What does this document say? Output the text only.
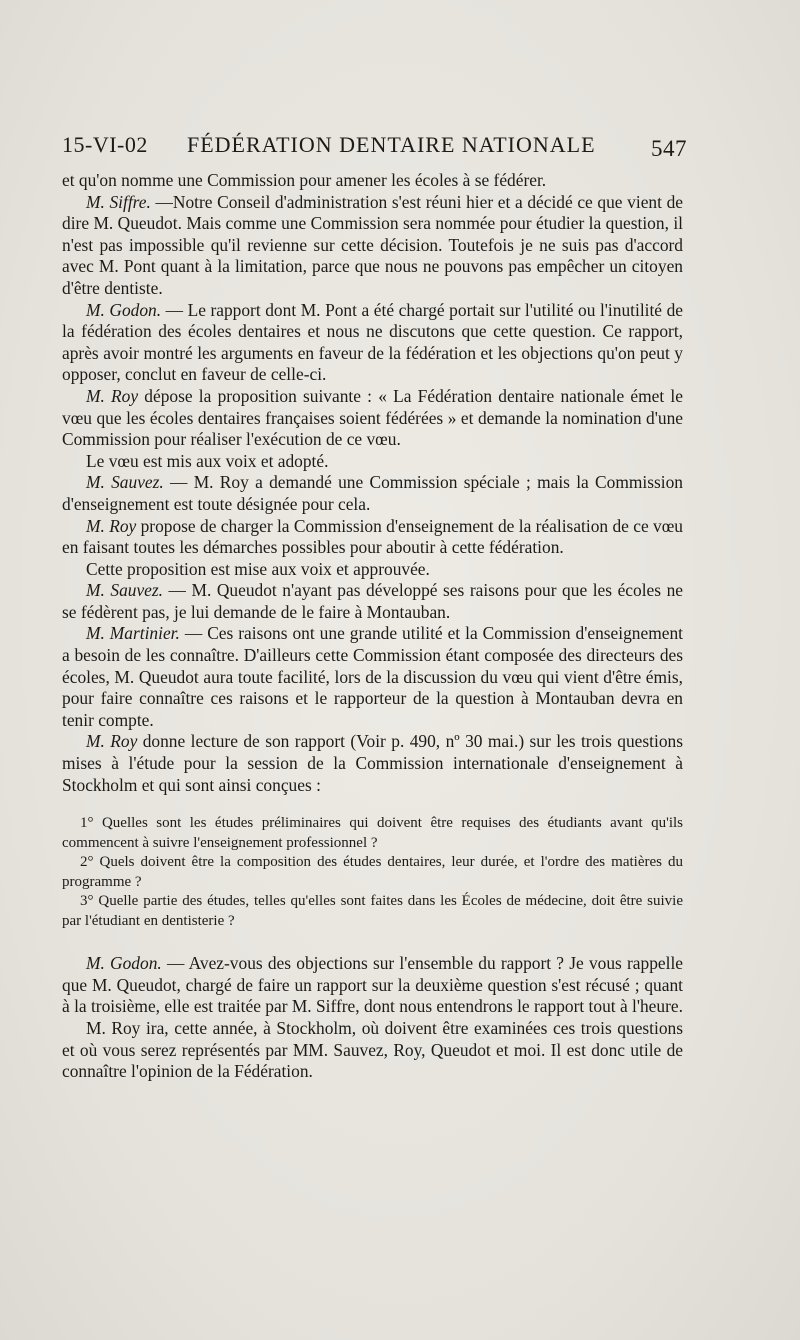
15-VI-02 FÉDÉRATION DENTAIRE NATIONALE 547

et qu'on nomme une Commission pour amener les écoles à se fédérer.

M. Siffre. —Notre Conseil d'administration s'est réuni hier et a décidé ce que vient de dire M. Queudot. Mais comme une Commission sera nommée pour étudier la question, il n'est pas impossible qu'il revienne sur cette décision. Toutefois je ne suis pas d'accord avec M. Pont quant à la limitation, parce que nous ne pouvons pas empêcher un citoyen d'être dentiste.

M. Godon. — Le rapport dont M. Pont a été chargé portait sur l'utilité ou l'inutilité de la fédération des écoles dentaires et nous ne discutons que cette question. Ce rapport, après avoir montré les arguments en faveur de la fédération et les objections qu'on peut y opposer, conclut en faveur de celle-ci.

M. Roy dépose la proposition suivante : « La Fédération dentaire nationale émet le vœu que les écoles dentaires françaises soient fédérées » et demande la nomination d'une Commission pour réaliser l'exécution de ce vœu.

Le vœu est mis aux voix et adopté.

M. Sauvez. — M. Roy a demandé une Commission spéciale ; mais la Commission d'enseignement est toute désignée pour cela.

M. Roy propose de charger la Commission d'enseignement de la réalisation de ce vœu en faisant toutes les démarches possibles pour aboutir à cette fédération.

Cette proposition est mise aux voix et approuvée.

M. Sauvez. — M. Queudot n'ayant pas développé ses raisons pour que les écoles ne se fédèrent pas, je lui demande de le faire à Montauban.

M. Martinier. — Ces raisons ont une grande utilité et la Commission d'enseignement a besoin de les connaître. D'ailleurs cette Commission étant composée des directeurs des écoles, M. Queudot aura toute facilité, lors de la discussion du vœu qui vient d'être émis, pour faire connaître ces raisons et le rapporteur de la question à Montauban devra en tenir compte.

M. Roy donne lecture de son rapport (Voir p. 490, nº 30 mai.) sur les trois questions mises à l'étude pour la session de la Commission internationale d'enseignement à Stockholm et qui sont ainsi conçues :

1° Quelles sont les études préliminaires qui doivent être requises des étudiants avant qu'ils commencent à suivre l'enseignement professionnel ?

2° Quels doivent être la composition des études dentaires, leur durée, et l'ordre des matières du programme ?

3° Quelle partie des études, telles qu'elles sont faites dans les Écoles de médecine, doit être suivie par l'étudiant en dentisterie ?

M. Godon. — Avez-vous des objections sur l'ensemble du rapport ? Je vous rappelle que M. Queudot, chargé de faire un rapport sur la deuxième question s'est récusé ; quant à la troisième, elle est traitée par M. Siffre, dont nous entendrons le rapport tout à l'heure.

M. Roy ira, cette année, à Stockholm, où doivent être examinées ces trois questions et où vous serez représentés par MM. Sauvez, Roy, Queudot et moi. Il est donc utile de connaître l'opinion de la Fédération.
